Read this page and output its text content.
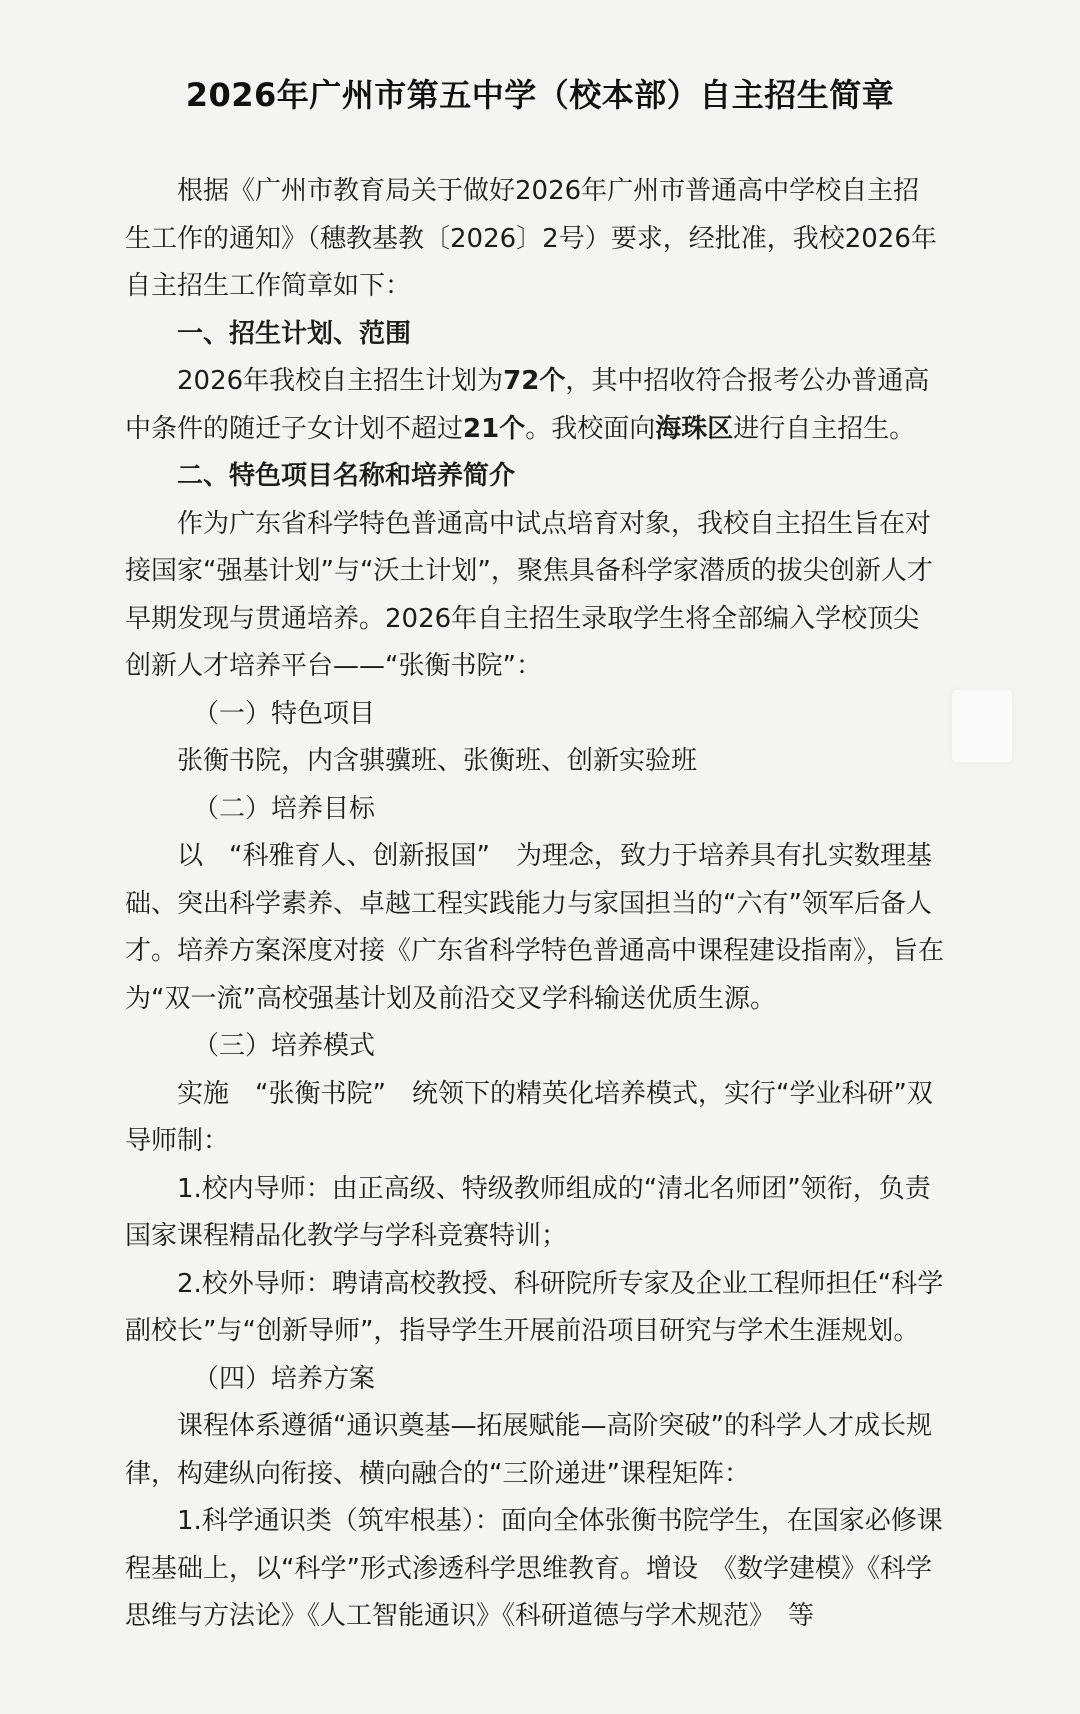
2026年广州市第五中学（校本部）自主招生简章

根据《广州市教育局关于做好2026年广州市普通高中学校自主招生工作的通知》（穗教基教〔2026〕2号）要求，经批准，我校2026年自主招生工作简章如下：

一、招生计划、范围

2026年我校自主招生计划为72个，其中招收符合报考公办普通高中条件的随迁子女计划不超过21个。我校面向海珠区进行自主招生。

二、特色项目名称和培养简介

作为广东省科学特色普通高中试点培育对象，我校自主招生旨在对接国家“强基计划”与“沃土计划”，聚焦具备科学家潜质的拔尖创新人才早期发现与贯通培养。2026年自主招生录取学生将全部编入学校顶尖创新人才培养平台——“张衡书院”：

（一）特色项目

张衡书院，内含骐骥班、张衡班、创新实验班

（二）培养目标

以　“科雅育人、创新报国”　为理念，致力于培养具有扎实数理基础、突出科学素养、卓越工程实践能力与家国担当的“六有”领军后备人才。培养方案深度对接《广东省科学特色普通高中课程建设指南》，旨在为“双一流”高校强基计划及前沿交叉学科输送优质生源。

（三）培养模式

实施　“张衡书院”　统领下的精英化培养模式，实行“学业科研”双导师制：

1.校内导师：由正高级、特级教师组成的“清北名师团”领衔，负责国家课程精品化教学与学科竞赛特训；

2.校外导师：聘请高校教授、科研院所专家及企业工程师担任“科学副校长”与“创新导师”，指导学生开展前沿项目研究与学术生涯规划。

（四）培养方案

课程体系遵循“通识奠基—拓展赋能—高阶突破”的科学人才成长规律，构建纵向衔接、横向融合的“三阶递进”课程矩阵：

1.科学通识类（筑牢根基）：面向全体张衡书院学生，在国家必修课程基础上，以“科学”形式渗透科学思维教育。增设　《数学建模》《科学思维与方法论》《人工智能通识》《科研道德与学术规范》　等
